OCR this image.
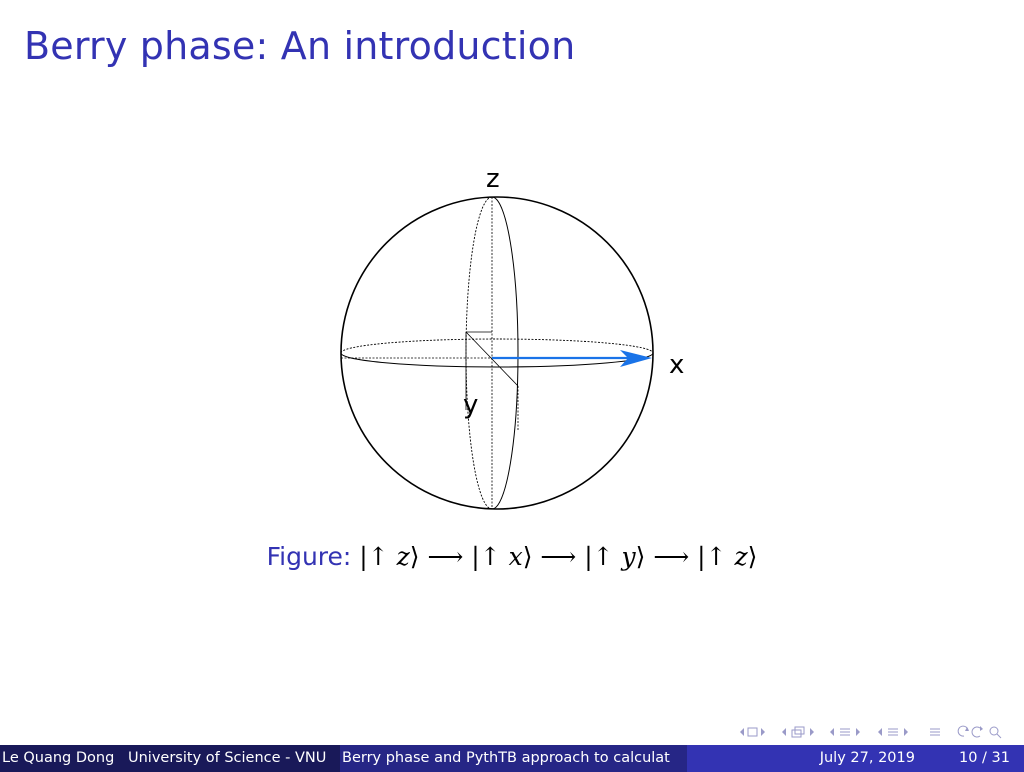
Berry phase: An introduction
z
x
y
Figure: |↑ z⟩ ⟶ |↑ x⟩ ⟶ |↑ y⟩ ⟶ |↑ z⟩
Le Quang Dong University of Science - VNU Berry phase and PythTB approach to calculat	July 27, 2019	10 / 31
